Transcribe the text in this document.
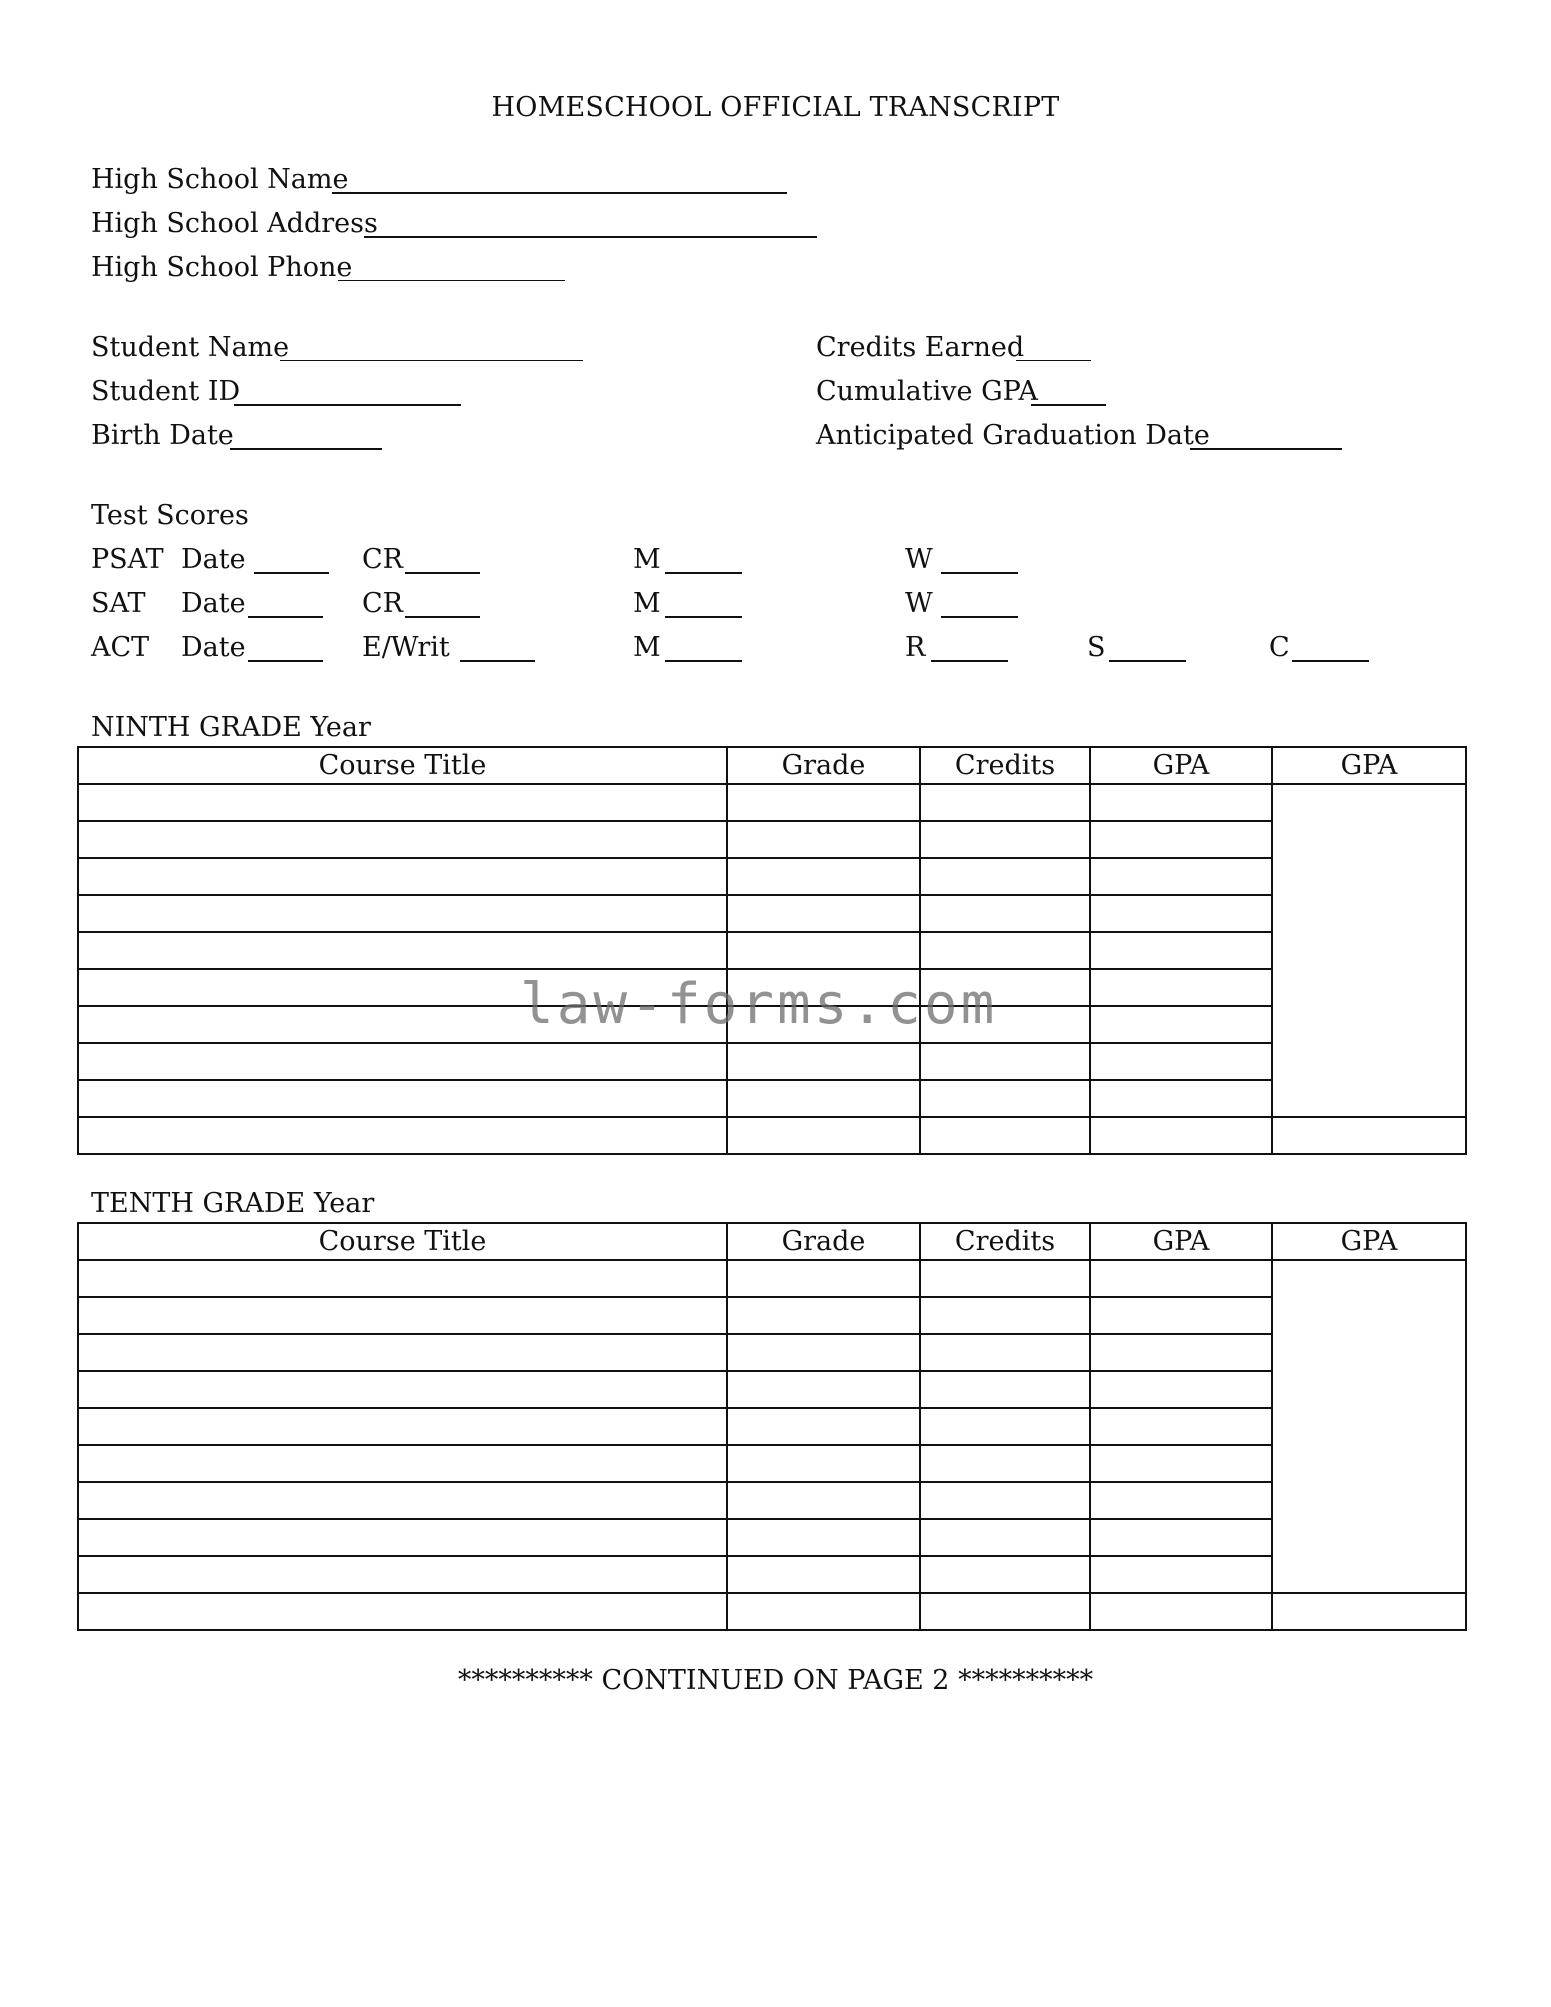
HOMESCHOOL OFFICIAL TRANSCRIPT
High School Name
High School Address
High School Phone
Student Name
Student ID
Birth Date
Credits Earned
Cumulative GPA
Anticipated Graduation Date
Test Scores
PSAT Date	CR	M	W
SAT Date	CR	M	W
ACT Date	E/Writ	M	R	S	C
NINTH GRADE Year
Course Title	Grade	Credits	GPA	GPA

TENTH GRADE Year
Course Title	Grade	Credits	GPA	GPA

********** CONTINUED ON PAGE 2 **********
law-forms.com
